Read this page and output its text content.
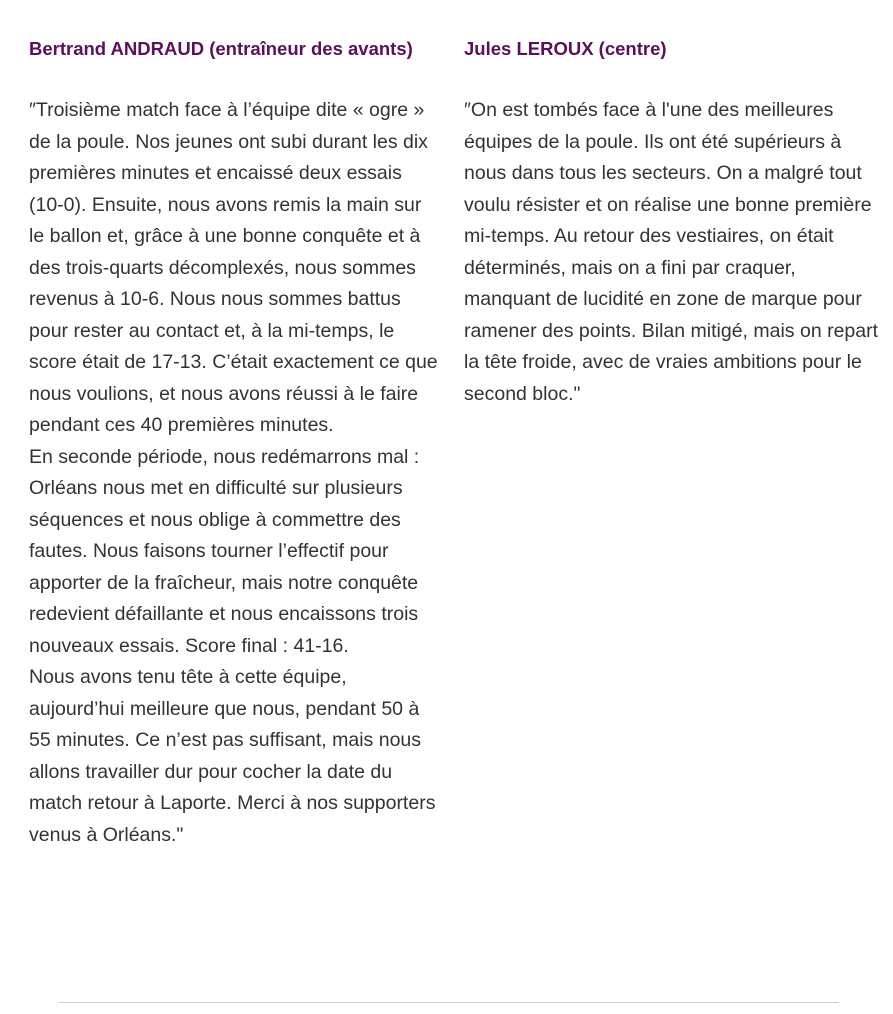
Bertrand ANDRAUD (entraîneur des avants)

″Troisième match face à l’équipe dite « ogre » de la poule. Nos jeunes ont subi durant les dix premières minutes et encaissé deux essais (10-0). Ensuite, nous avons remis la main sur le ballon et, grâce à une bonne conquête et à des trois-quarts décomplexés, nous sommes revenus à 10-6. Nous nous sommes battus pour rester au contact et, à la mi-temps, le score était de 17-13. C’était exactement ce que nous voulions, et nous avons réussi à le faire pendant ces 40 premières minutes.

En seconde période, nous redémarrons mal : Orléans nous met en difficulté sur plusieurs séquences et nous oblige à commettre des fautes. Nous faisons tourner l’effectif pour apporter de la fraîcheur, mais notre conquête redevient défaillante et nous encaissons trois nouveaux essais. Score final : 41-16.

Nous avons tenu tête à cette équipe, aujourd’hui meilleure que nous, pendant 50 à 55 minutes. Ce n’est pas suffisant, mais nous allons travailler dur pour cocher la date du match retour à Laporte. Merci à nos supporters venus à Orléans."

Jules LEROUX (centre)

″On est tombés face à l'une des meilleures équipes de la poule. Ils ont été supérieurs à nous dans tous les secteurs. On a malgré tout voulu résister et on réalise une bonne première mi-temps. Au retour des vestiaires, on était déterminés, mais on a fini par craquer, manquant de lucidité en zone de marque pour ramener des points. Bilan mitigé, mais on repart la tête froide, avec de vraies ambitions pour le second bloc."
